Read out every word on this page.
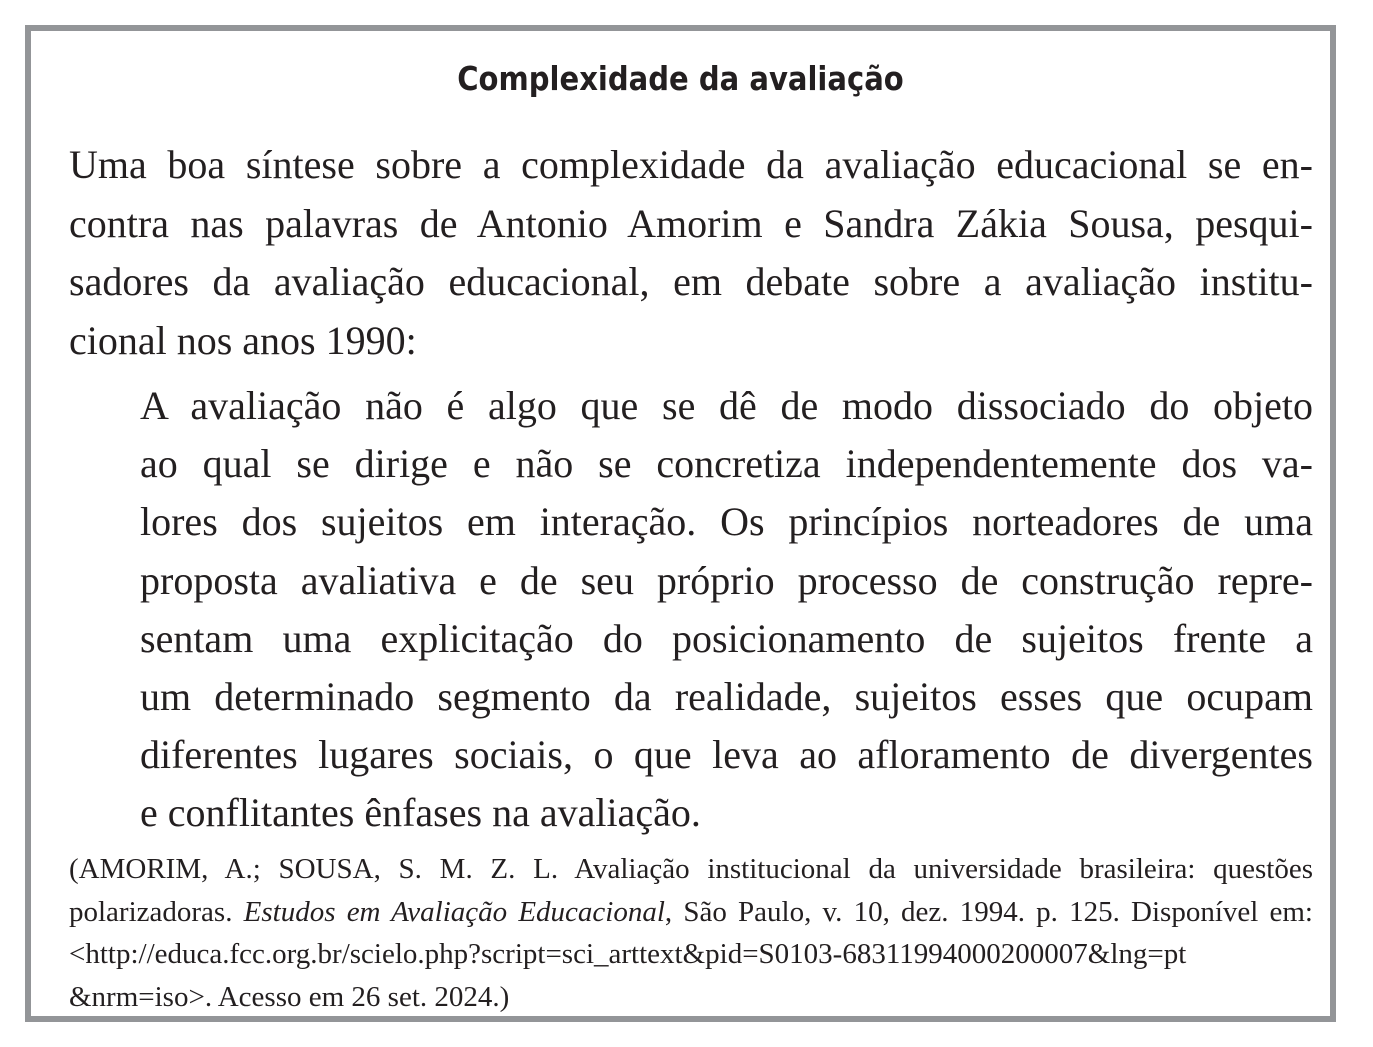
Complexidade da avaliação

Uma boa síntese sobre a complexidade da avaliação educacional se en-
contra nas palavras de Antonio Amorim e Sandra Zákia Sousa, pesqui-
sadores da avaliação educacional, em debate sobre a avaliação institu-
cional nos anos 1990:

A avaliação não é algo que se dê de modo dissociado do objeto
ao qual se dirige e não se concretiza independentemente dos va-
lores dos sujeitos em interação. Os princípios norteadores de uma
proposta avaliativa e de seu próprio processo de construção repre-
sentam uma explicitação do posicionamento de sujeitos frente a
um determinado segmento da realidade, sujeitos esses que ocupam
diferentes lugares sociais, o que leva ao afloramento de divergentes
e conflitantes ênfases na avaliação.

(AMORIM, A.; SOUSA, S. M. Z. L. Avaliação institucional da universidade brasileira: questões
polarizadoras. Estudos em Avaliação Educacional, São Paulo, v. 10, dez. 1994. p. 125. Disponível em:
<http://educa.fcc.org.br/scielo.php?script=sci_arttext&pid=S0103-68311994000200007&lng=pt
&nrm=iso>. Acesso em 26 set. 2024.)
